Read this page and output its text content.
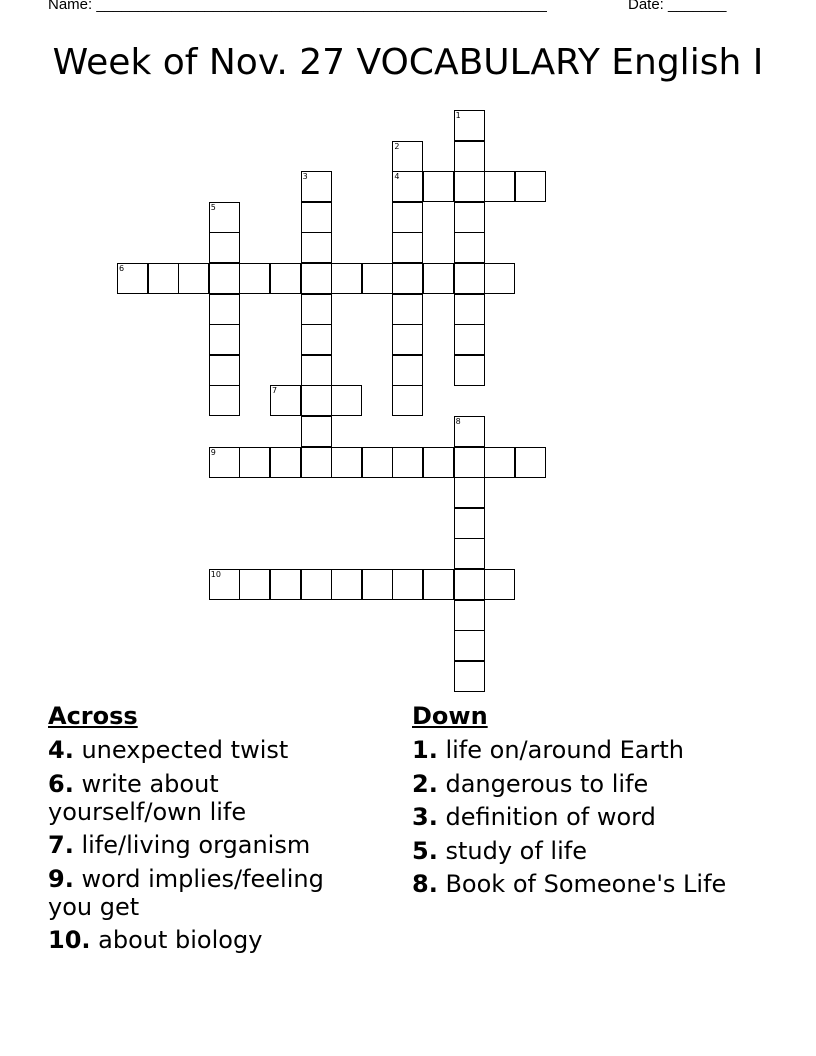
Name: ______________________________________________________	Date: _______
Week of Nov. 27 VOCABULARY English I
1
2
4
3
5
6
7
8
9
10
Across
4. unexpected twist
6. write about yourself/own life
7. life/living organism
9. word implies/feeling you get
10. about biology
Down
1. life on/around Earth
2. dangerous to life
3. definition of word
5. study of life
8. Book of Someone's Life
